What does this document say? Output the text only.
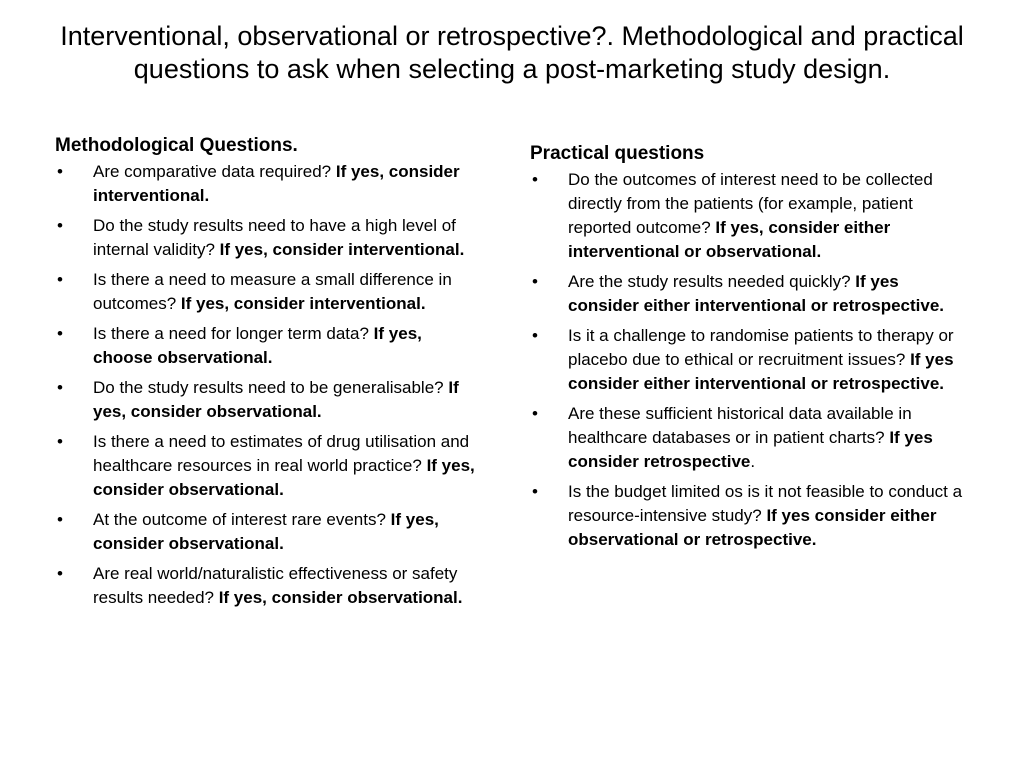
Interventional, observational or retrospective?. Methodological and practical questions to ask when selecting a post-marketing study design.
Methodological Questions.
• Are comparative data required? If yes, consider interventional.
• Do the study results need to have a high level of internal validity? If yes, consider interventional.
• Is there a need to measure a small difference in outcomes? If yes, consider interventional.
• Is there a need for longer term data? If yes, choose observational.
• Do the study results need to be generalisable? If yes, consider observational.
• Is there a need to estimates of drug utilisation and healthcare resources in real world practice? If yes, consider observational.
• At the outcome of interest rare events? If yes, consider observational.
• Are real world/naturalistic effectiveness or safety results needed? If yes, consider observational.
Practical questions
• Do the outcomes of interest need to be collected directly from the patients (for example, patient reported outcome? If yes, consider either interventional or observational.
• Are the study results needed quickly? If yes consider either interventional or retrospective.
• Is it a challenge to randomise patients to therapy or placebo due to ethical or recruitment issues? If yes consider either interventional or retrospective.
• Are these sufficient historical data available in healthcare databases or in patient charts? If yes consider retrospective.
• Is the budget limited os is it not feasible to conduct a resource-intensive study? If yes consider either observational or retrospective.
